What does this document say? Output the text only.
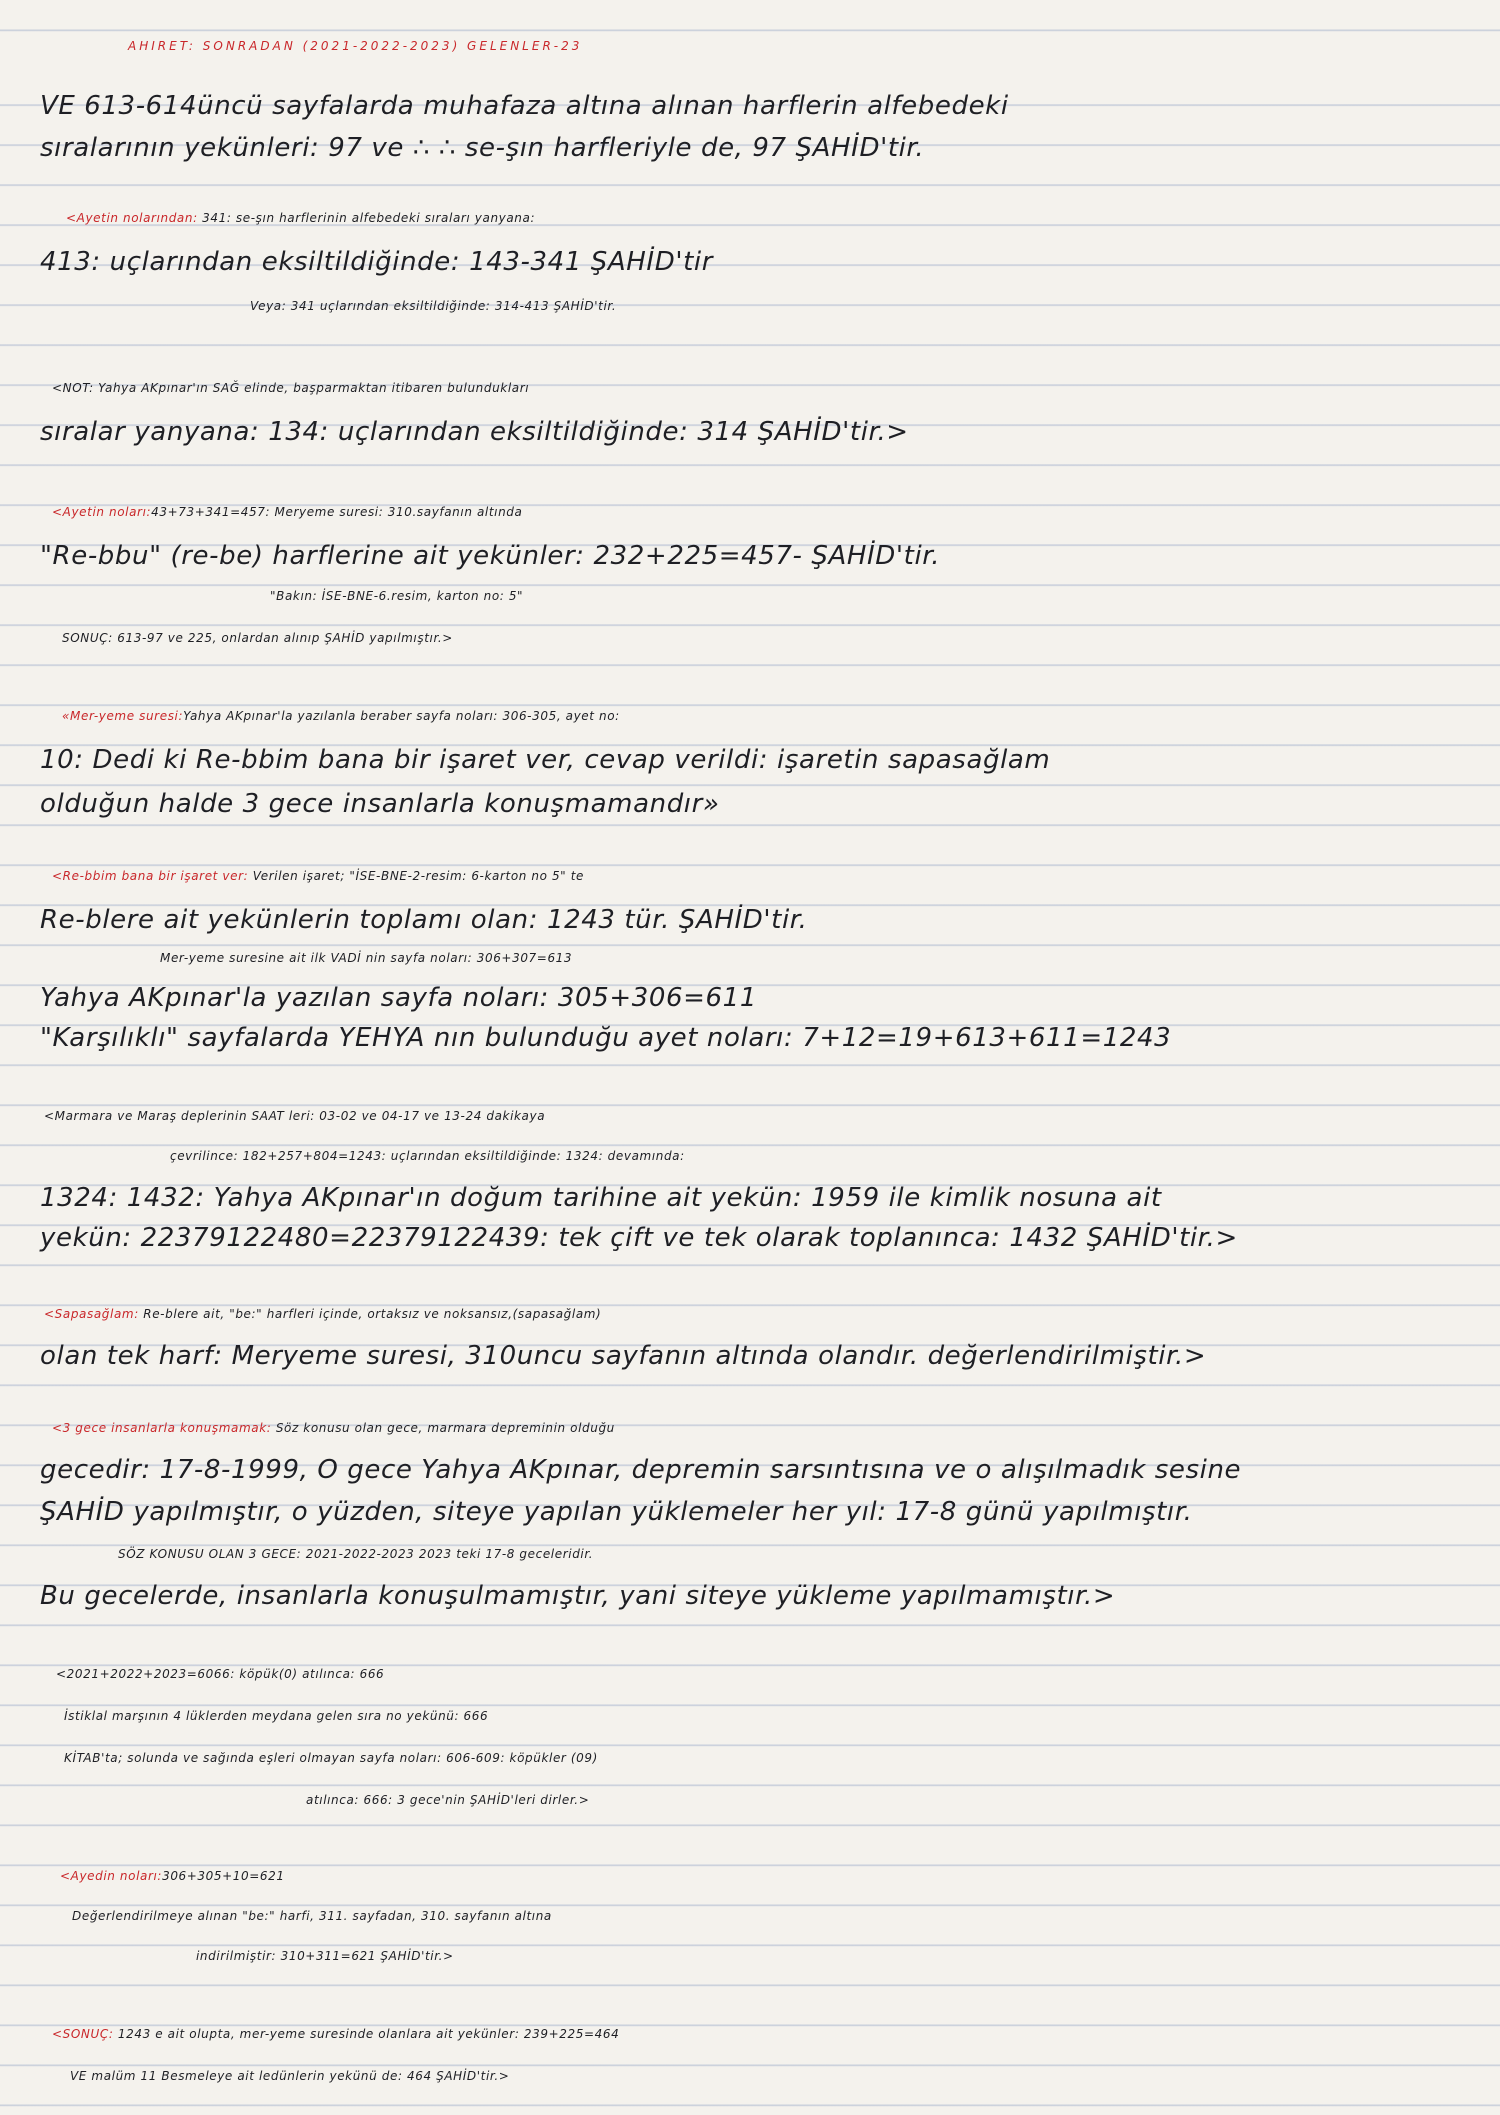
AHIRET: SONRADAN (2021-2022-2023) GELENLER-23
VE 613-614üncü sayfalarda muhafaza altına alınan harflerin alfebedeki
sıralarının yekünleri: 97 ve ∴ ∴ se-şın harfleriyle de, 97 ŞAHİD'tir.
<Ayetin nolarından: 341: se-şın harflerinin alfebedeki sıraları yanyana:
413: uçlarından eksiltildiğinde: 143-341 ŞAHİD'tir
Veya: 341 uçlarından eksiltildiğinde: 314-413 ŞAHİD'tir.
<NOT: Yahya AKpınar'ın SAĞ elinde, başparmaktan itibaren bulundukları
sıralar yanyana: 134: uçlarından eksiltildiğinde: 314 ŞAHİD'tir.>
<Ayetin noları:43+73+341=457: Meryeme suresi: 310.sayfanın altında
"Re-bbu" (re-be) harflerine ait yekünler: 232+225=457- ŞAHİD'tir.
"Bakın: İSE-BNE-6.resim, karton no: 5"
SONUÇ: 613-97 ve 225, onlardan alınıp ŞAHİD yapılmıştır.>
«Mer-yeme suresi:Yahya AKpınar'la yazılanla beraber sayfa noları: 306-305, ayet no:
10: Dedi ki Re-bbim bana bir işaret ver, cevap verildi: işaretin sapasağlam
olduğun halde 3 gece insanlarla konuşmamandır»
<Re-bbim bana bir işaret ver: Verilen işaret; "İSE-BNE-2-resim: 6-karton no 5" te
Re-blere ait yekünlerin toplamı olan: 1243 tür. ŞAHİD'tir.
Mer-yeme suresine ait ilk VADİ nin sayfa noları: 306+307=613
Yahya AKpınar'la yazılan sayfa noları: 305+306=611
"Karşılıklı" sayfalarda YEHYA nın bulunduğu ayet noları: 7+12=19+613+611=1243
<Marmara ve Maraş deplerinin SAAT leri: 03-02 ve 04-17 ve 13-24 dakikaya
çevrilince: 182+257+804=1243: uçlarından eksiltildiğinde: 1324: devamında:
1324: 1432: Yahya AKpınar'ın doğum tarihine ait yekün: 1959 ile kimlik nosuna ait
yekün: 22379122480=22379122439: tek çift ve tek olarak toplanınca: 1432 ŞAHİD'tir.>
<Sapasağlam: Re-blere ait, "be:" harfleri içinde, ortaksız ve noksansız,(sapasağlam)
olan tek harf: Meryeme suresi, 310uncu sayfanın altında olandır. değerlendirilmiştir.>
<3 gece insanlarla konuşmamak: Söz konusu olan gece, marmara depreminin olduğu
gecedir: 17-8-1999, O gece Yahya AKpınar, depremin sarsıntısına ve o alışılmadık sesine
ŞAHİD yapılmıştır, o yüzden, siteye yapılan yüklemeler her yıl: 17-8 günü yapılmıştır.
SÖZ KONUSU OLAN 3 GECE: 2021-2022-2023 2023 teki 17-8 geceleridir.
Bu gecelerde, insanlarla konuşulmamıştır, yani siteye yükleme yapılmamıştır.>
<2021+2022+2023=6066: köpük(0) atılınca: 666
İstiklal marşının 4 lüklerden meydana gelen sıra no yekünü: 666
KİTAB'ta; solunda ve sağında eşleri olmayan sayfa noları: 606-609: köpükler (09)
atılınca: 666: 3 gece'nin ŞAHİD'leri dirler.>
<Ayedin noları:306+305+10=621
Değerlendirilmeye alınan "be:" harfi, 311. sayfadan, 310. sayfanın altına
indirilmiştir: 310+311=621 ŞAHİD'tir.>
<SONUÇ: 1243 e ait olupta, mer-yeme suresinde olanlara ait yekünler: 239+225=464
VE malüm 11 Besmeleye ait ledünlerin yekünü de: 464 ŞAHİD'tir.>
